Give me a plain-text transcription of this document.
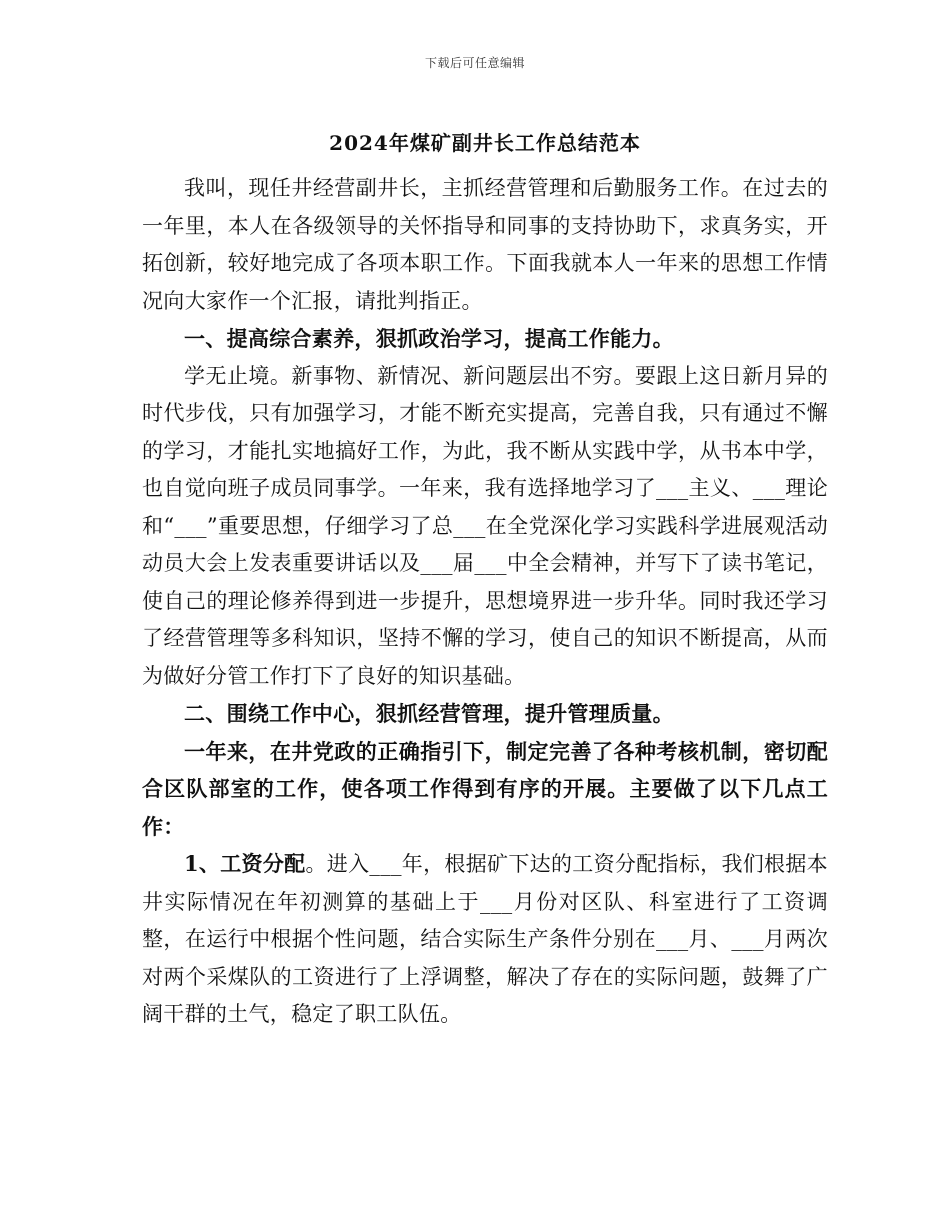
下载后可任意编辑
2024年煤矿副井长工作总结范本

我叫，现任井经营副井长，主抓经营管理和后勤服务工作。在过去的一年里，本人在各级领导的关怀指导和同事的支持协助下，求真务实，开拓创新，较好地完成了各项本职工作。下面我就本人一年来的思想工作情况向大家作一个汇报，请批判指正。

一、提高综合素养，狠抓政治学习，提高工作能力。

学无止境。新事物、新情况、新问题层出不穷。要跟上这日新月异的时代步伐，只有加强学习，才能不断充实提高，完善自我，只有通过不懈的学习，才能扎实地搞好工作，为此，我不断从实践中学，从书本中学，也自觉向班子成员同事学。一年来，我有选择地学习了___主义、___理论和“___”重要思想，仔细学习了总___在全党深化学习实践科学进展观活动动员大会上发表重要讲话以及___届___中全会精神，并写下了读书笔记，使自己的理论修养得到进一步提升，思想境界进一步升华。同时我还学习了经营管理等多科知识，坚持不懈的学习，使自己的知识不断提高，从而为做好分管工作打下了良好的知识基础。

二、围绕工作中心，狠抓经营管理，提升管理质量。

一年来，在井党政的正确指引下，制定完善了各种考核机制，密切配合区队部室的工作，使各项工作得到有序的开展。主要做了以下几点工作：

1、工资分配。进入___年，根据矿下达的工资分配指标，我们根据本井实际情况在年初测算的基础上于___月份对区队、科室进行了工资调整，在运行中根据个性问题，结合实际生产条件分别在___月、___月两次对两个采煤队的工资进行了上浮调整，解决了存在的实际问题，鼓舞了广阔干群的土气，稳定了职工队伍。
